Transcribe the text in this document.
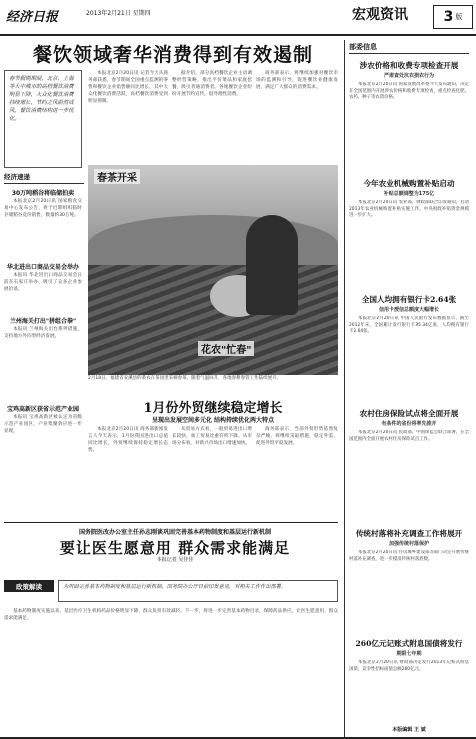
经济日报	2013年2月21日 星期四	宏观资讯	3 版
餐饮领域奢华消费得到有效遏制
春节假期期间，北京、上海等大中城市的高档餐饮消费明显下降，大众化餐饮消费持续增长，节约之风蔚然成风，餐饮消费结构进一步优化。

本报北京2月20日讯 记者今天从商务部获悉，春节期间全国重点监测的零售和餐饮企业销售额同比增长，其中大众化餐饮消费活跃，高档餐饮消费受到明显抑制。

据介绍，部分高档餐饮企业主动调整经营策略，推出平价菜品和家庭套餐，吸引普通消费者。各地餐饮企业纷纷开展节约宣传，倡导理性消费。

商务部表示，将继续加强对餐饮市场的监测和引导，促进餐饮业健康发展，满足广大群众的消费需求。

经济速递
30万吨稻谷将临储拍卖

本报北京2月20日讯 国家粮食交易中心发布公告，将于近期组织临时存储稻谷竞价销售，数量约30万吨。

华北进出口商品交易会举办

本报讯 华北进出口商品交易会日前在石家庄举办，吸引了众多企业参展洽谈。

兰州海关打出"拼组合拳"

本报讯 兰州海关出台系列措施，支持地方外向型经济发展。

宝鸡高新区获省示范产业园

本报讯 宝鸡高新区被认定为省级示范产业园区，产业集聚效应进一步显现。

春茶开采
花农"忙春"
2月18日，福建省安溪县的茶农在茶园里采摘春茶。随着气温回升，各地春耕春管工作陆续展开。
1月份外贸继续稳定增长
呈现出发展空间多元化 结构持续优化两大特点

本报北京2月20日讯 商务部新闻发言人今天表示，1月份我国进出口总值同比增长，外贸继续保持稳定增长态势。

从贸易方式看，一般贸易进出口增长较快，加工贸易比重有所下降。从市场分布看，对新兴市场出口增速加快。

商务部表示，当前外贸形势依然复杂严峻，将继续采取措施，稳定外需，促进外贸平稳发展。

国务院医改办公室主任孙志刚谈巩固完善基本药物制度和基层运行新机制
要让医生愿意用 群众需求能满足
本报记者 吴佳佳
政策解读	为巩固完善基本药物制度和基层运行新机制，国务院办公厅日前印发意见，对相关工作作出部署。

基本药物制度实施以来，基层医疗卫生机构药品价格明显下降，群众负担有效减轻。下一步，将进一步完善基本药物目录，保障药品供应，让医生愿意用、群众需求能满足。

部委信息
涉农价格和收费专项检查开展
严肃查处坑农损农行为

本报北京2月20日讯 国家发展改革委今天发布通知，决定在全国范围内开展涉农价格和收费专项检查，重点检查化肥、农药、种子等农资价格。

今年农业机械购置补贴启动
补贴总额调整为175亿

本报北京2月20日讯 农业部、财政部联合印发通知，启动2013年农业机械购置补贴实施工作，中央财政补贴资金规模进一步扩大。

全国人均拥有银行卡2.64张
信用卡授信总额度大幅增长

本报北京2月20日讯 中国人民银行发布数据显示，截至2012年末，全国累计发行银行卡35.34亿张，人均拥有银行卡2.64张。

农村住房保险试点将全面开展
有条件的省份将率先推开

本报北京2月20日讯 民政部、中国保监会联合部署，在全国范围内全面开展农村住房保险试点工作。

传统村落将补充调查工作将展开
加强传统村落保护

本报北京2月20日讯 住房城乡建设部等部门决定开展传统村落补充调查，进一步摸清传统村落底数。

260亿元记账式附息国债将发行
期限七年期

本报北京2月20日讯 财政部决定发行2013年记账式附息国债，竞争性招标面值总额260亿元。

本版编辑 王 斌
